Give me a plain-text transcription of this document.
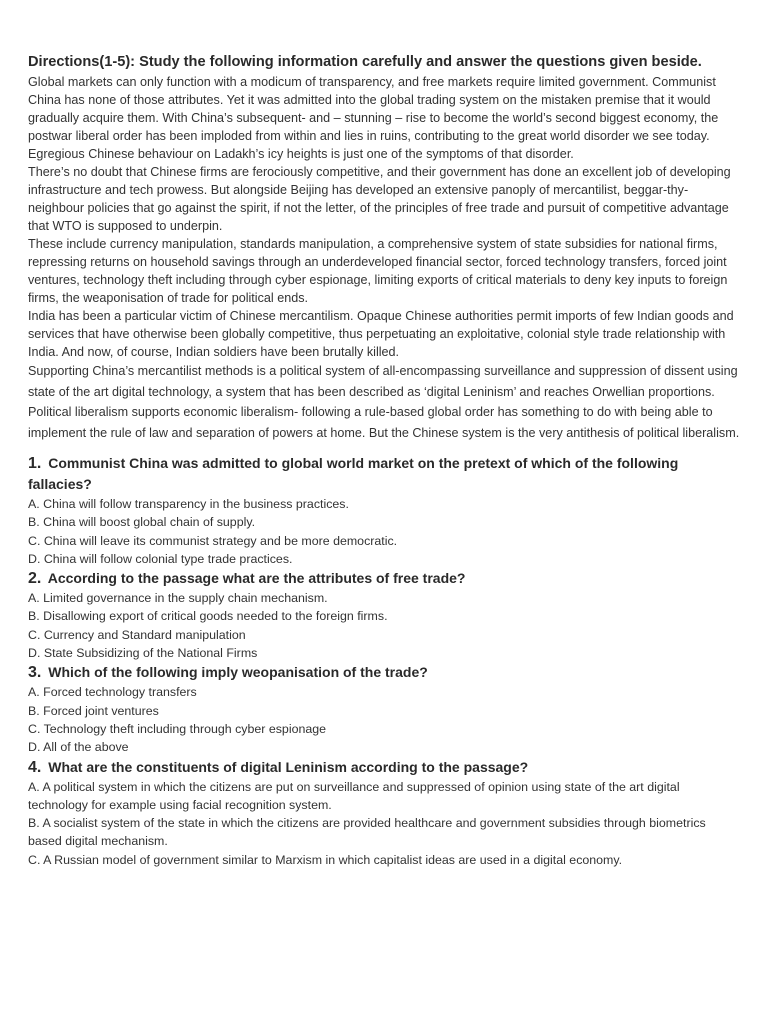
Directions(1-5): Study the following information carefully and answer the questions given beside.

Global markets can only function with a modicum of transparency, and free markets require limited government. Communist China has none of those attributes. Yet it was admitted into the global trading system on the mistaken premise that it would gradually acquire them. With China’s subsequent- and – stunning – rise to become the world’s second biggest economy, the postwar liberal order has been imploded from within and lies in ruins, contributing to the great world disorder we see today. Egregious Chinese behaviour on Ladakh’s icy heights is just one of the symptoms of that disorder.

There’s no doubt that Chinese firms are ferociously competitive, and their government has done an excellent job of developing infrastructure and tech prowess. But alongside Beijing has developed an extensive panoply of mercantilist, beggar-thy-neighbour policies that go against the spirit, if not the letter, of the principles of free trade and pursuit of competitive advantage that WTO is supposed to underpin.

These include currency manipulation, standards manipulation, a comprehensive system of state subsidies for national firms, repressing returns on household savings through an underdeveloped financial sector, forced technology transfers, forced joint ventures, technology theft including through cyber espionage, limiting exports of critical materials to deny key inputs to foreign firms, the weaponisation of trade for political ends.

India has been a particular victim of Chinese mercantilism. Opaque Chinese authorities permit imports of few Indian goods and services that have otherwise been globally competitive, thus perpetuating an exploitative, colonial style trade relationship with India. And now, of course, Indian soldiers have been brutally killed.

Supporting China’s mercantilist methods is a political system of all-encompassing surveillance and suppression of dissent using state of the art digital technology, a system that has been described as ‘digital Leninism’ and reaches Orwellian proportions. Political liberalism supports economic liberalism- following a rule-based global order has something to do with being able to implement the rule of law and separation of powers at home. But the Chinese system is the very antithesis of political liberalism.

1. Communist China was admitted to global world market on the pretext of which of the following fallacies?

A. China will follow transparency in the business practices.

B. China will boost global chain of supply.

C. China will leave its communist strategy and be more democratic.

D. China will follow colonial type trade practices.

2. According to the passage what are the attributes of free trade?

A. Limited governance in the supply chain mechanism.

B. Disallowing export of critical goods needed to the foreign firms.

C. Currency and Standard manipulation

D. State Subsidizing of the National Firms

3. Which of the following imply weopanisation of the trade?

A. Forced technology transfers

B. Forced joint ventures

C. Technology theft including through cyber espionage

D. All of the above

4. What are the constituents of digital Leninism according to the passage?

A. A political system in which the citizens are put on surveillance and suppressed of opinion using state of the art digital technology for example using facial recognition system.

B. A socialist system of the state in which the citizens are provided healthcare and government subsidies through biometrics based digital mechanism.

C. A Russian model of government similar to Marxism in which capitalist ideas are used in a digital economy.
